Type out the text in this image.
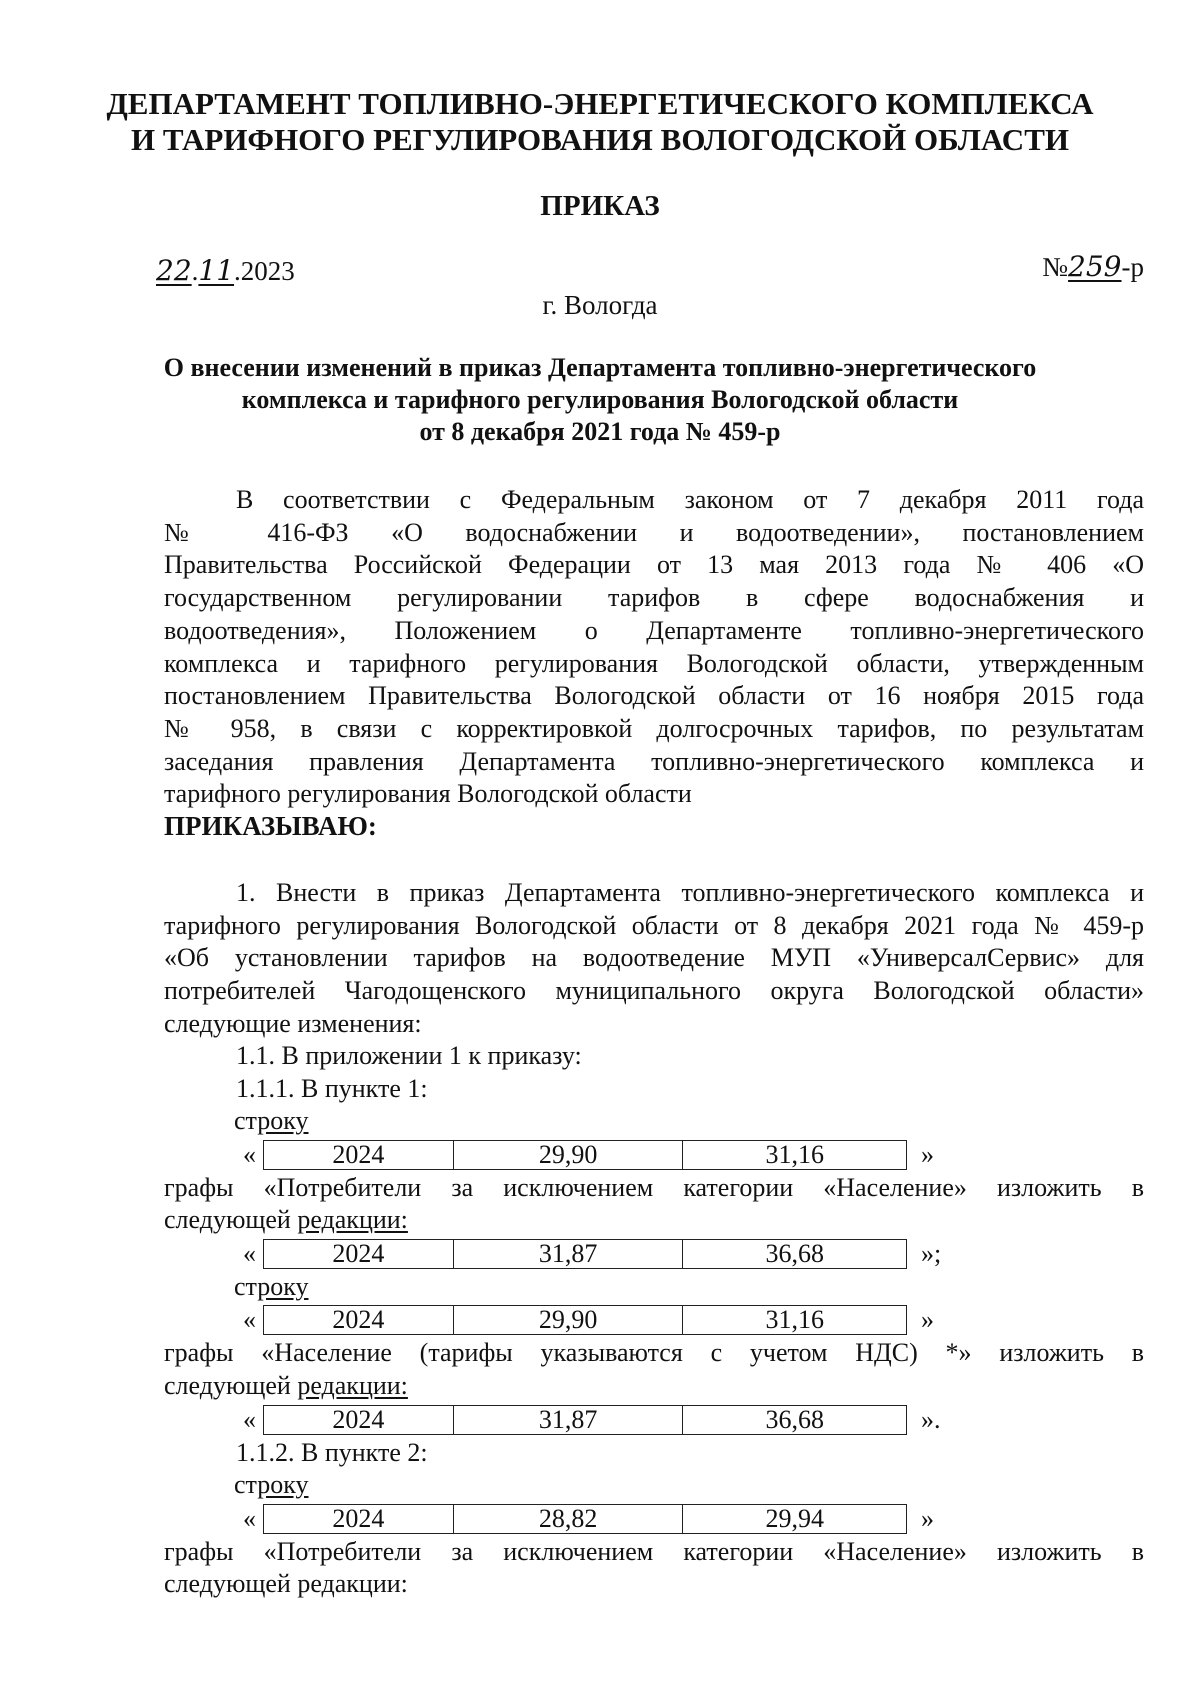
ДЕПАРТАМЕНТ ТОПЛИВНО-ЭНЕРГЕТИЧЕСКОГО КОМПЛЕКСА
И ТАРИФНОГО РЕГУЛИРОВАНИЯ ВОЛОГОДСКОЙ ОБЛАСТИ
ПРИКАЗ
22.11.2023	№259-р
г. Вологда
О внесении изменений в приказ Департамента топливно-энергетического
комплекса и тарифного регулирования Вологодской области
от 8 декабря 2021 года № 459-р
В соответствии с Федеральным законом от 7 декабря 2011 года
№ 416-ФЗ «О водоснабжении и водоотведении», постановлением
Правительства Российской Федерации от 13 мая 2013 года № 406 «О
государственном регулировании тарифов в сфере водоснабжения и
водоотведения», Положением о Департаменте топливно-энергетического
комплекса и тарифного регулирования Вологодской области, утвержденным
постановлением Правительства Вологодской области от 16 ноября 2015 года
№ 958, в связи с корректировкой долгосрочных тарифов, по результатам
заседания правления Департамента топливно-энергетического комплекса и
тарифного регулирования Вологодской области
ПРИКАЗЫВАЮ:
1. Внести в приказ Департамента топливно-энергетического комплекса и
тарифного регулирования Вологодской области от 8 декабря 2021 года № 459-р
«Об установлении тарифов на водоотведение МУП «УниверсалСервис» для
потребителей Чагодощенского муниципального округа Вологодской области»
следующие изменения:
1.1. В приложении 1 к приказу:
1.1.1. В пункте 1:
строку
«	2024	29,90	31,16	»
графы «Потребители за исключением категории «Население» изложить в
следующей редакции:
«	2024	31,87	36,68	»;
строку
«	2024	29,90	31,16	»
графы «Население (тарифы указываются с учетом НДС) *» изложить в
следующей редакции:
«	2024	31,87	36,68	».
1.1.2. В пункте 2:
строку
«	2024	28,82	29,94	»
графы «Потребители за исключением категории «Население» изложить в
следующей редакции:
